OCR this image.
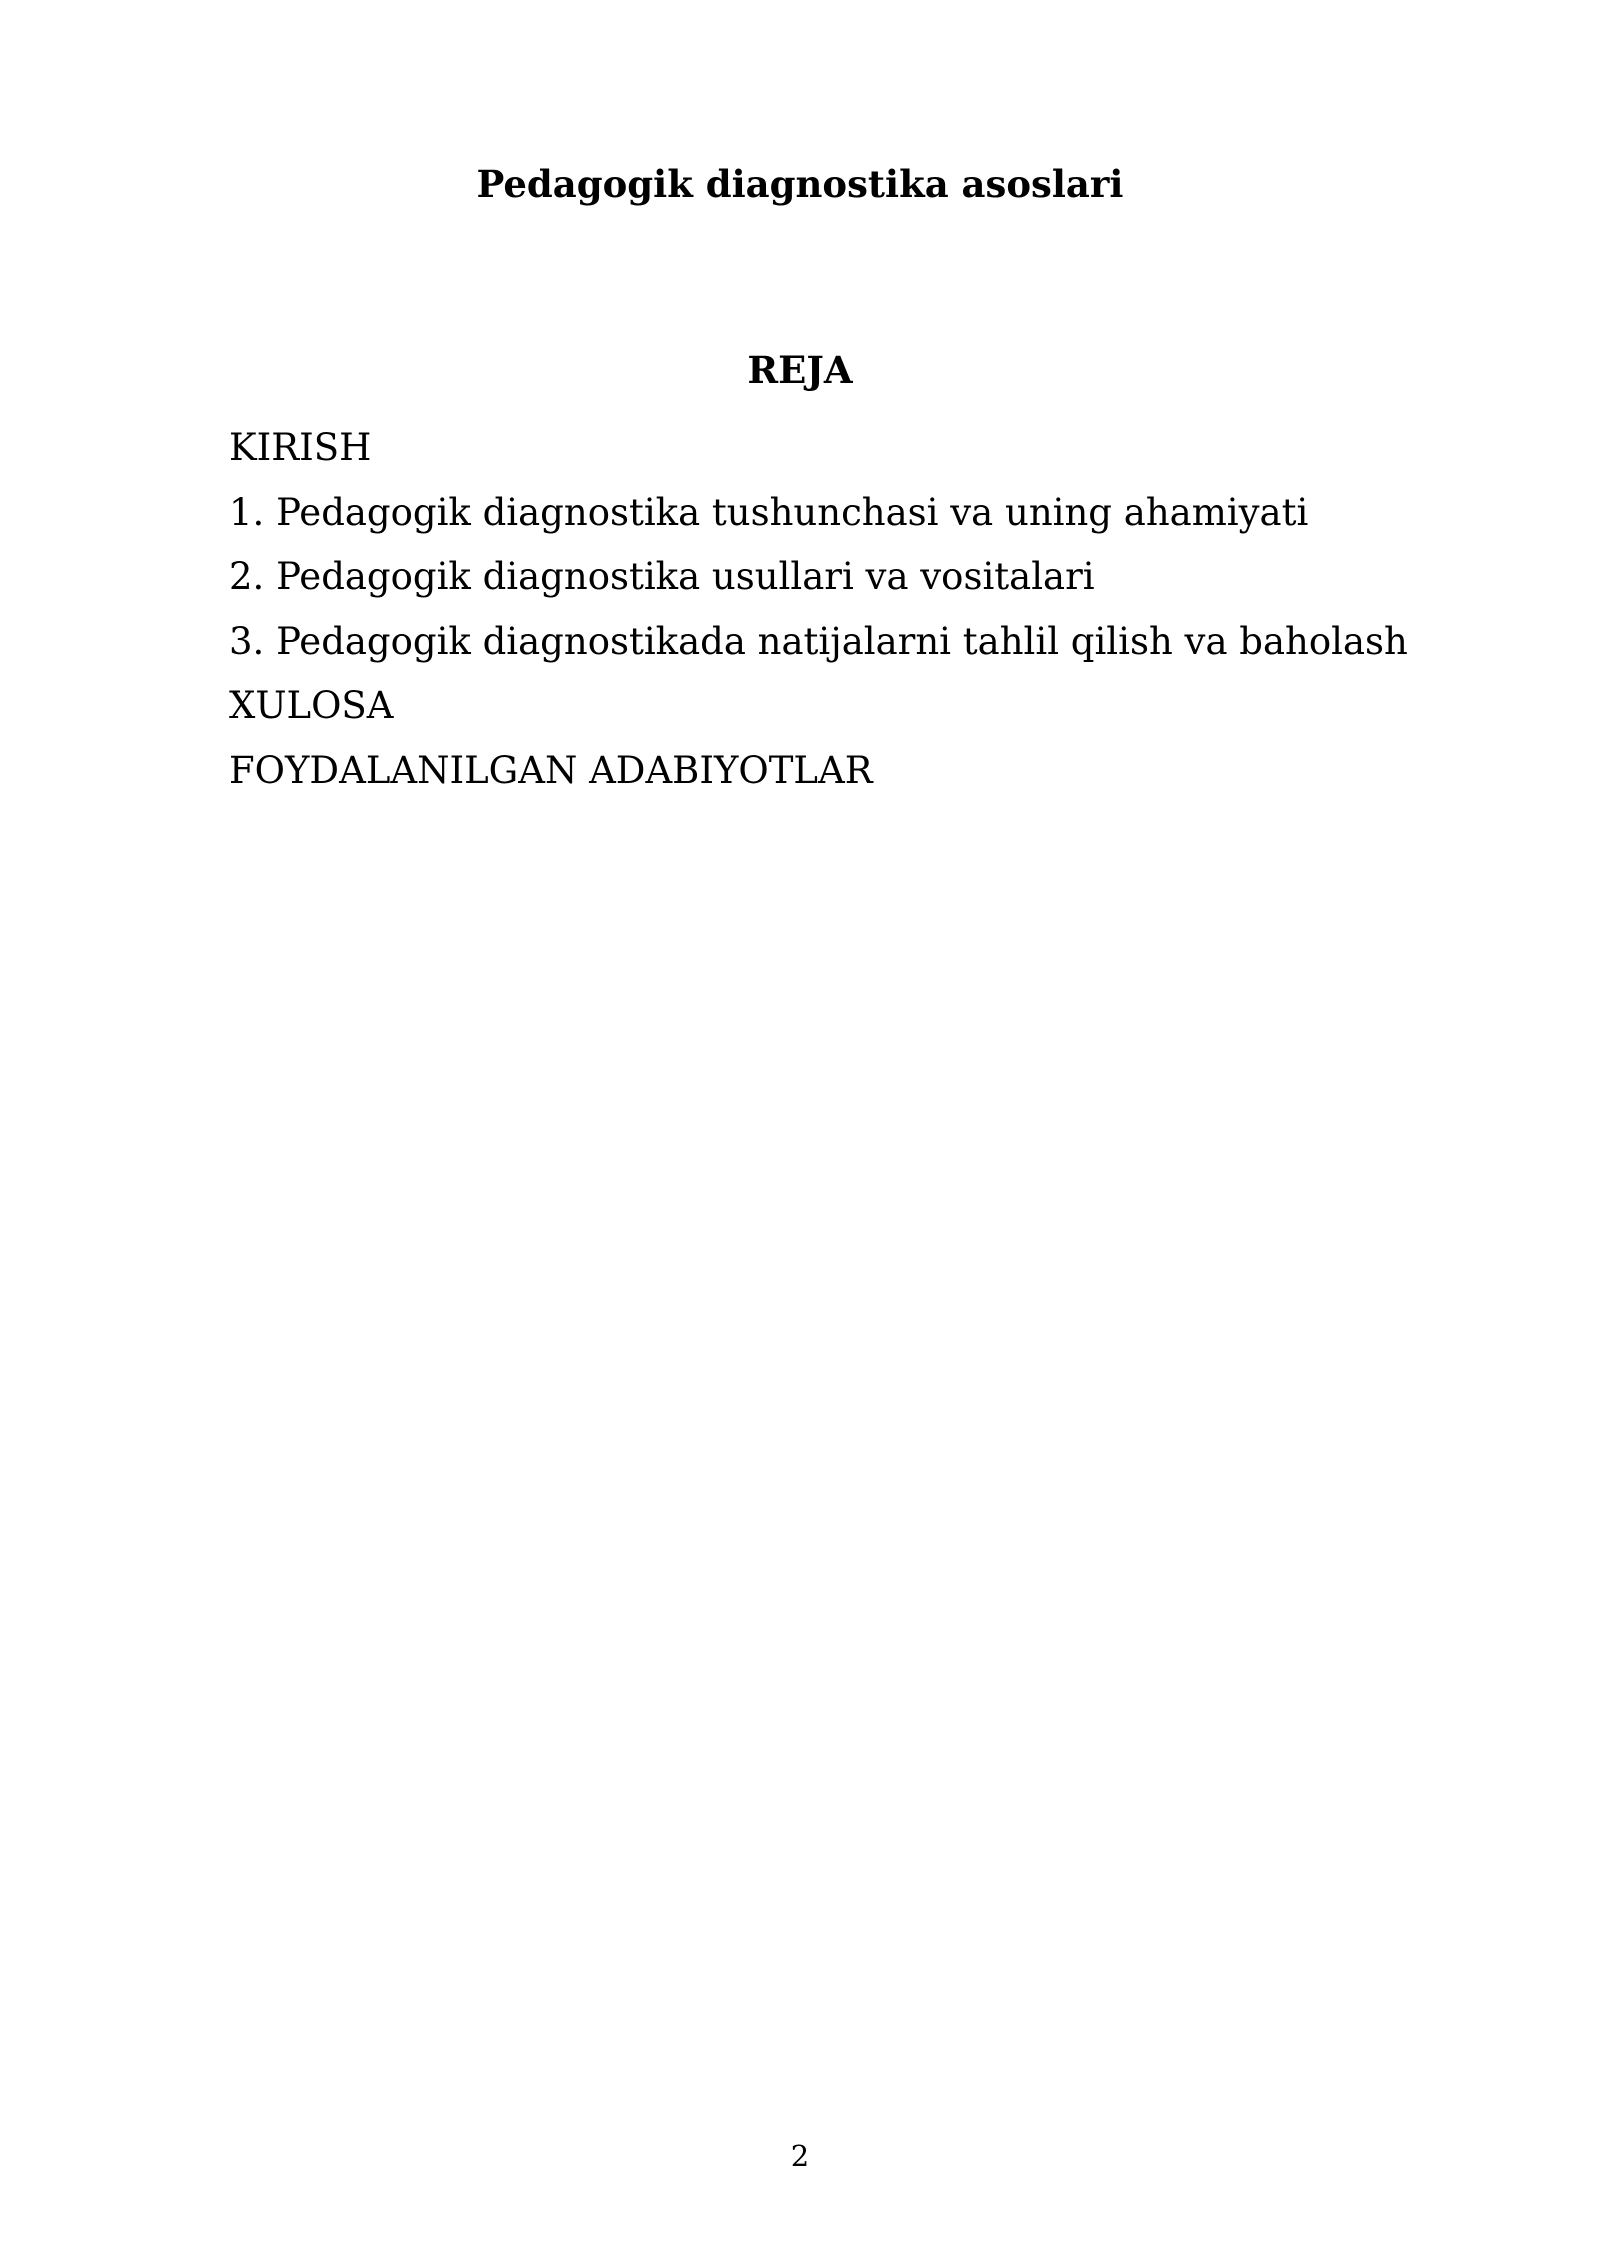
Pedagogik diagnostika asoslari
REJA
KIRISH
1. Pedagogik diagnostika tushunchasi va uning ahamiyati
2. Pedagogik diagnostika usullari va vositalari
3. Pedagogik diagnostikada natijalarni tahlil qilish va baholash
XULOSA
FOYDALANILGAN ADABIYOTLAR
2
